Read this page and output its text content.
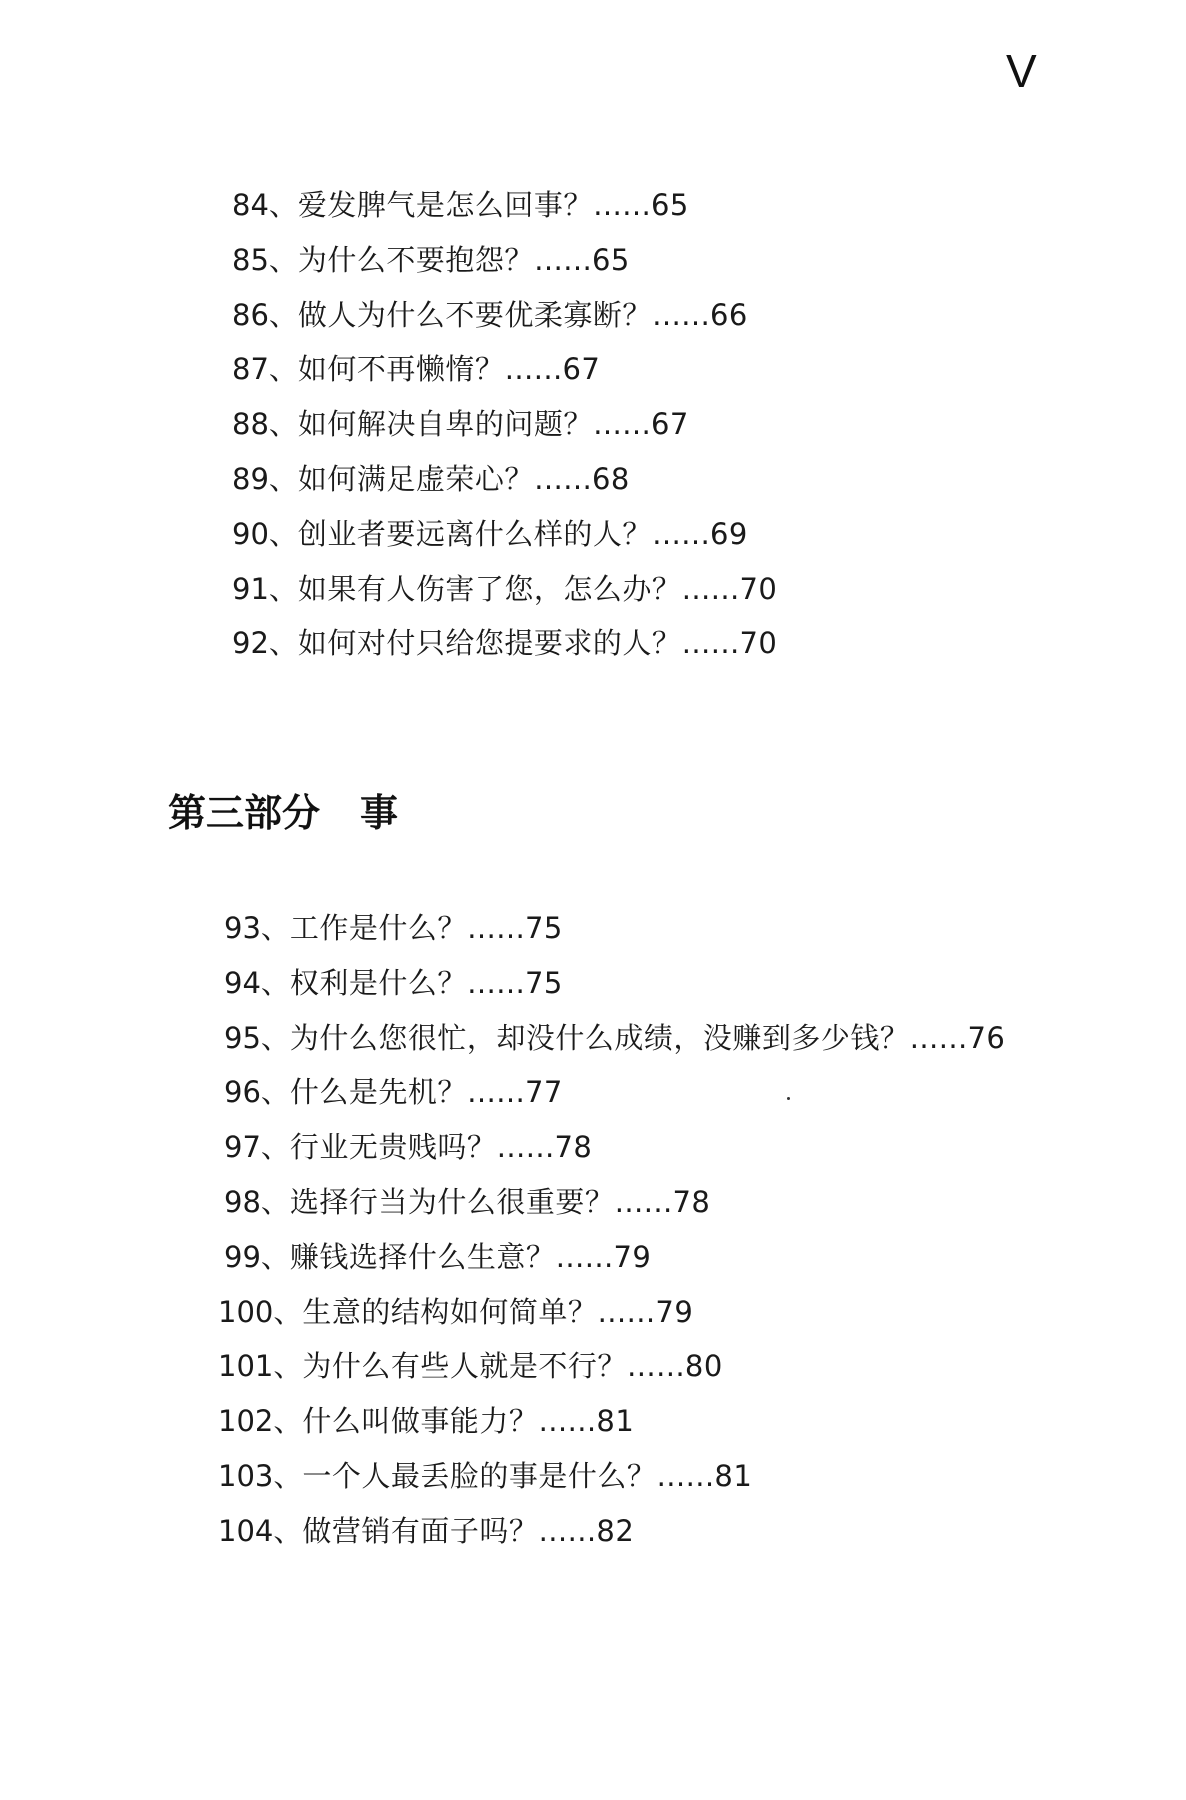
V
84、爱发脾气是怎么回事？……65
85、为什么不要抱怨？……65
86、做人为什么不要优柔寡断？……66
87、如何不再懒惰？……67
88、如何解决自卑的问题？……67
89、如何满足虚荣心？……68
90、创业者要远离什么样的人？……69
91、如果有人伤害了您，怎么办？……70
92、如何对付只给您提要求的人？……70
93、工作是什么？……75
94、权利是什么？……75
95、为什么您很忙，却没什么成绩，没赚到多少钱？……76
96、什么是先机？……77
97、行业无贵贱吗？……78
98、选择行当为什么很重要？……78
99、赚钱选择什么生意？……79
100、生意的结构如何简单？……79
101、为什么有些人就是不行？……80
102、什么叫做事能力？……81
103、一个人最丢脸的事是什么？……81
104、做营销有面子吗？……82
第三部分 事
